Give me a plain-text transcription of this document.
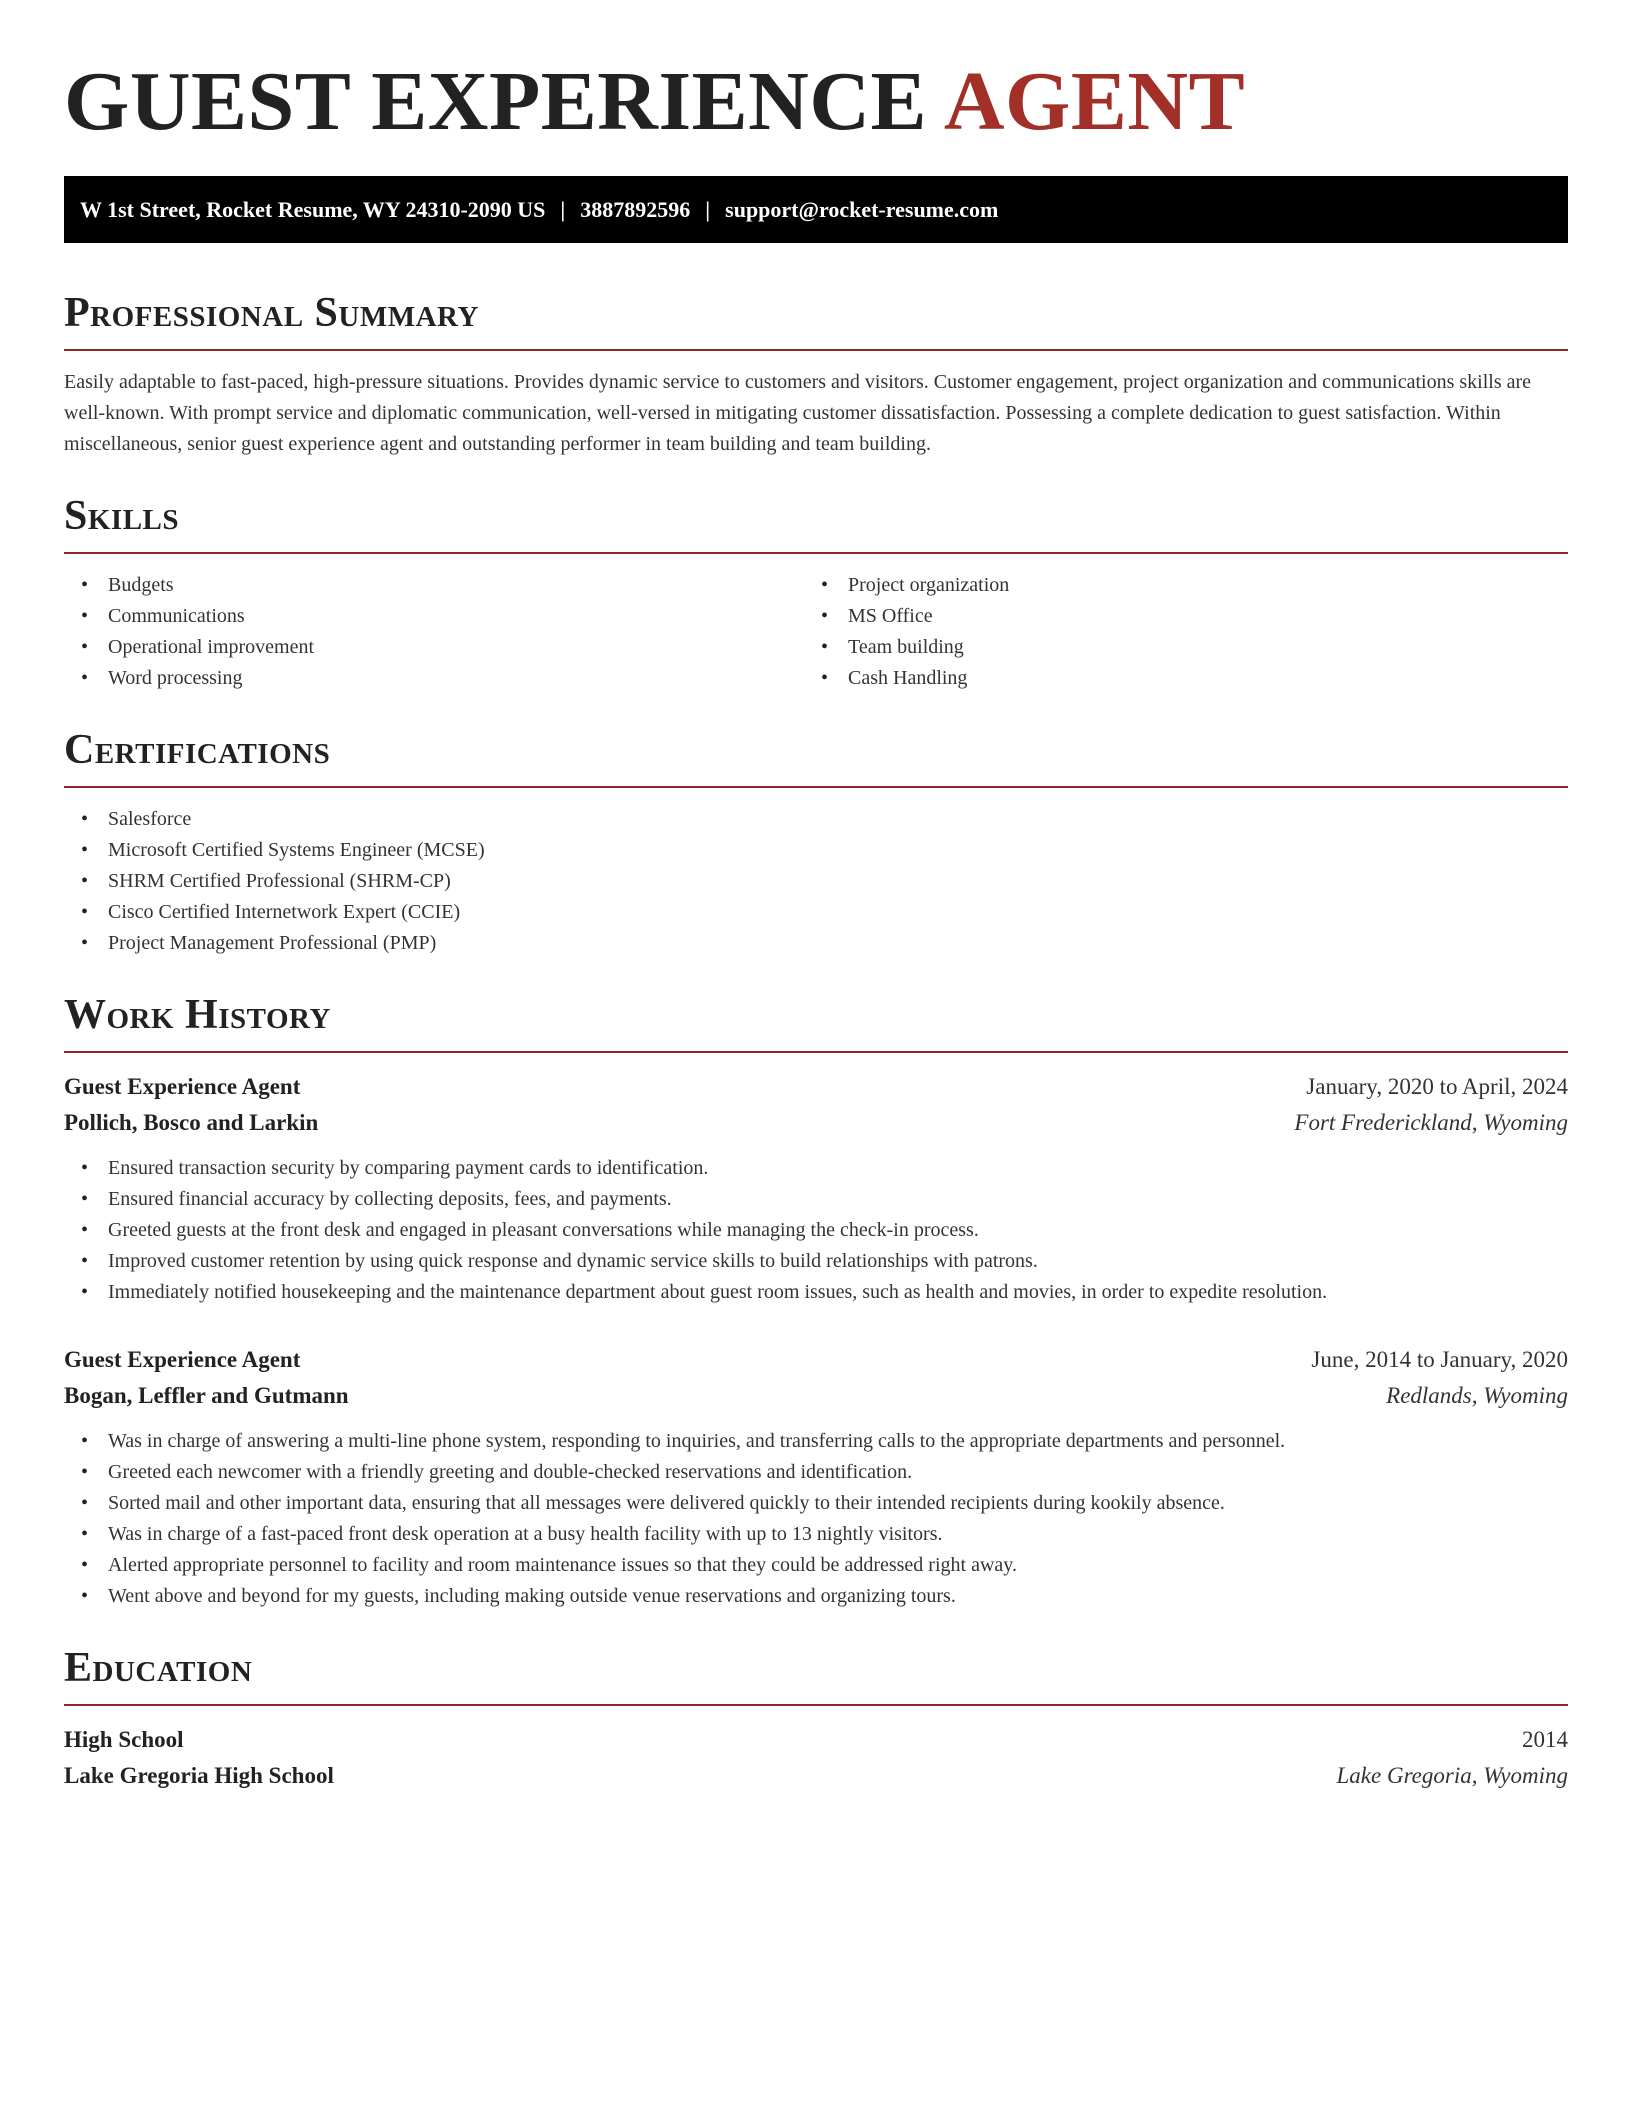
GUEST EXPERIENCE AGENT
W 1st Street, Rocket Resume, WY 24310-2090 US | 3887892596 | support@rocket-resume.com
Professional Summary

Easily adaptable to fast-paced, high-pressure situations. Provides dynamic service to customers and visitors. Customer engagement, project organization and communications skills are well-known. With prompt service and diplomatic communication, well-versed in mitigating customer dissatisfaction. Possessing a complete dedication to guest satisfaction. Within miscellaneous, senior guest experience agent and outstanding performer in team building and team building.

Skills
• Budgets
• Communications
• Operational improvement
• Word processing
• Project organization
• MS Office
• Team building
• Cash Handling
Certifications
• Salesforce
• Microsoft Certified Systems Engineer (MCSE)
• SHRM Certified Professional (SHRM-CP)
• Cisco Certified Internetwork Expert (CCIE)
• Project Management Professional (PMP)
Work History
Guest Experience Agent	January, 2020 to April, 2024
Pollich, Bosco and Larkin	Fort Frederickland, Wyoming
• Ensured transaction security by comparing payment cards to identification.
• Ensured financial accuracy by collecting deposits, fees, and payments.
• Greeted guests at the front desk and engaged in pleasant conversations while managing the check-in process.
• Improved customer retention by using quick response and dynamic service skills to build relationships with patrons.
• Immediately notified housekeeping and the maintenance department about guest room issues, such as health and movies, in order to expedite resolution.
Guest Experience Agent	June, 2014 to January, 2020
Bogan, Leffler and Gutmann	Redlands, Wyoming
• Was in charge of answering a multi-line phone system, responding to inquiries, and transferring calls to the appropriate departments and personnel.
• Greeted each newcomer with a friendly greeting and double-checked reservations and identification.
• Sorted mail and other important data, ensuring that all messages were delivered quickly to their intended recipients during kookily absence.
• Was in charge of a fast-paced front desk operation at a busy health facility with up to 13 nightly visitors.
• Alerted appropriate personnel to facility and room maintenance issues so that they could be addressed right away.
• Went above and beyond for my guests, including making outside venue reservations and organizing tours.
Education
High School	2014
Lake Gregoria High School	Lake Gregoria, Wyoming
